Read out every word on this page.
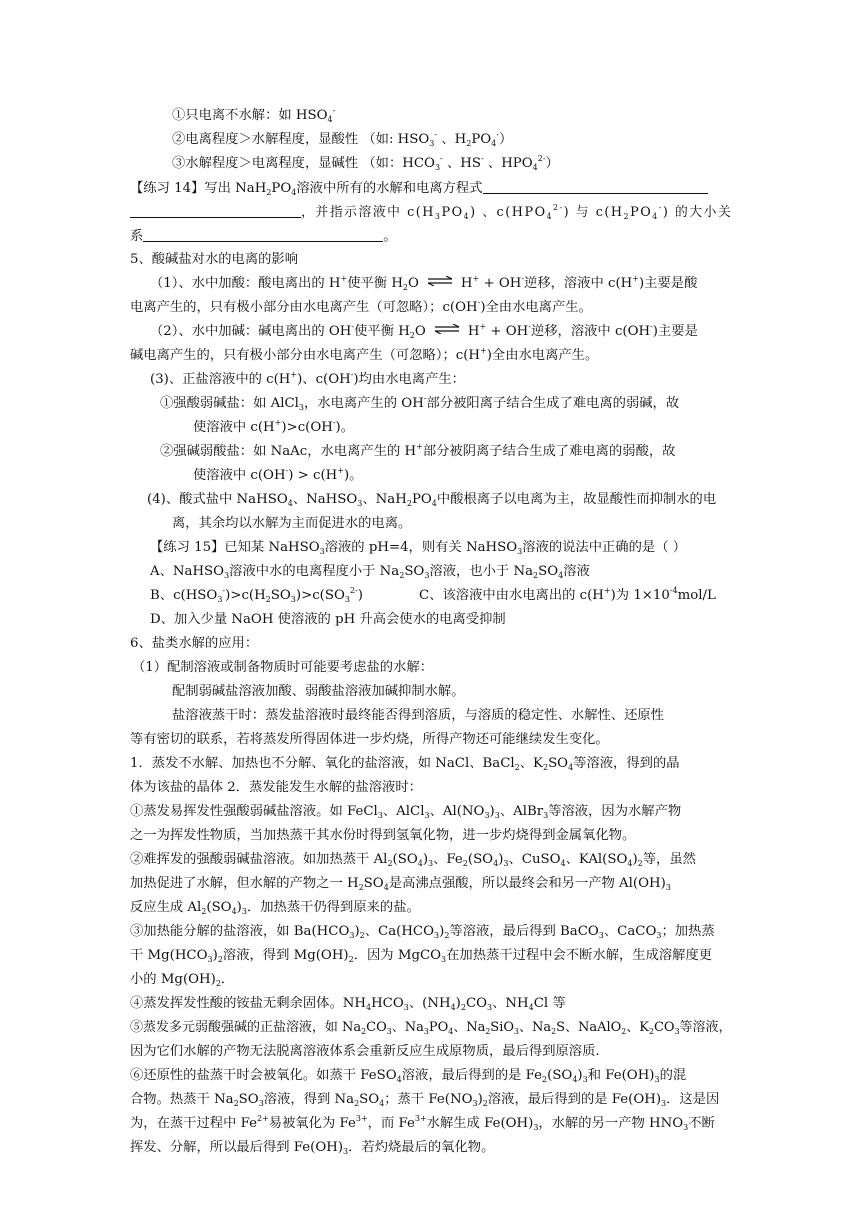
①只电离不水解：如 $HSO_4^-$
②电离程度＞水解程度，显酸性 （如: $HSO_3^-$ 、$H_2PO_4^-$）
③水解程度＞电离程度，显碱性 （如：$HCO_3^-$ 、HS- 、$HPO_4^{2-}$）
【练习 14】写出 $NaH_2PO_4$溶液中所有的水解和电离方程式
，并指示溶液中 $c(H_3PO_4)$ 、$c(HPO_4^{2-})$ 与 $c(H_2PO_4^-)$ 的大小关
系	。
5、酸碱盐对水的电离的影响
（1）、水中加酸：酸电离出的 H+使平衡 $H_2O$ ⇌ H+ + OH-逆移，溶液中 c(H+)主要是酸
电离产生的，只有极小部分由水电离产生（可忽略）；c(OH-)全由水电离产生。
（2）、水中加碱：碱电离出的 OH-使平衡 $H_2O$ ⇌ H+ + OH-逆移，溶液中 c(OH-)主要是
碱电离产生的，只有极小部分由水电离产生（可忽略）；c(H+)全由水电离产生。
(3)、正盐溶液中的 c(H+)、c(OH-)均由水电离产生：
①强酸弱碱盐：如 AlCl$_3$，水电离产生的 OH-部分被阳离子结合生成了难电离的弱碱，故
使溶液中 c(H+)>c(OH-)。
②强碱弱酸盐：如 NaAc，水电离产生的 H+部分被阴离子结合生成了难电离的弱酸，故
使溶液中 c(OH-) > c(H+)。
(4)、酸式盐中 NaHSO$_4$、NaHSO$_3$、$NaH_2PO_4$中酸根离子以电离为主，故显酸性而抑制水的电
离，其余均以水解为主而促进水的电离。
【练习 15】已知某 NaHSO$_3$溶液的 pH=4，则有关 NaHSO$_3$溶液的说法中正确的是（ ）
A、NaHSO$_3$溶液中水的电离程度小于 $Na_2SO_3$溶液，也小于 $Na_2SO_4$溶液
B、$c(HSO_3^-)>c(H_2SO_3)>c(SO_3^{2-})$	C、该溶液中由水电离出的 c(H+)为 $1\times 10^{-4}mol/L$
D、加入少量 NaOH 使溶液的 pH 升高会使水的电离受抑制
6、盐类水解的应用：
（1）配制溶液或制备物质时可能要考虑盐的水解：
配制弱碱盐溶液加酸、弱酸盐溶液加碱抑制水解。
盐溶液蒸干时：蒸发盐溶液时最终能否得到溶质，与溶质的稳定性、水解性、还原性
等有密切的联系，若将蒸发所得固体进一步灼烧，所得产物还可能继续发生变化。
1．蒸发不水解、加热也不分解、氧化的盐溶液，如 NaCl、BaCl$_2$、$K_2SO_4$等溶液，得到的晶
体为该盐的晶体 2．蒸发能发生水解的盐溶液时：
①蒸发易挥发性强酸弱碱盐溶液。如 FeCl$_3$、AlCl$_3$、$Al(NO_3)_3$、AlBr$_3$等溶液，因为水解产物
之一为挥发性物质，当加热蒸干其水份时得到氢氧化物，进一步灼烧得到金属氧化物。
②难挥发的强酸弱碱盐溶液。如加热蒸干 $Al_2(SO_4)_3$、$Fe_2(SO_4)_3$、CuSO$_4$、$KAl(SO_4)_2$等，虽然
加热促进了水解，但水解的产物之一 $H_2SO_4$是高沸点强酸，所以最终会和另一产物 $Al(OH)_3$
反应生成 $Al_2(SO_4)_3$．加热蒸干仍得到原来的盐。
③加热能分解的盐溶液，如 $Ba(HCO_3)_2$、$Ca(HCO_3)_2$等溶液，最后得到 BaCO$_3$、CaCO$_3$；加热蒸
干 $Mg(HCO_3)_2$溶液，得到 $Mg(OH)_2$．因为 MgCO$_3$在加热蒸干过程中会不断水解，生成溶解度更
小的 $Mg(OH)_2$．
④蒸发挥发性酸的铵盐无剩余固体。$NH_4HCO_3$、$(NH_4)_2CO_3$、$NH_4Cl$ 等
⑤蒸发多元弱酸强碱的正盐溶液，如 $Na_2CO_3$、$Na_3PO_4$、$Na_2SiO_3$、$Na_2S$、NaAlO$_2$、$K_2CO_3$等溶液，
因为它们水解的产物无法脱离溶液体系会重新反应生成原物质，最后得到原溶质.
⑥还原性的盐蒸干时会被氧化。如蒸干 FeSO$_4$溶液，最后得到的是 $Fe_2(SO_4)_3$和 $Fe(OH)_3$的混
合物。热蒸干 $Na_2SO_3$溶液，得到 $Na_2SO_4$；蒸干 $Fe(NO_3)_2$溶液，最后得到的是 $Fe(OH)_3$．这是因
为，在蒸干过程中 $Fe^{2+}$易被氧化为 $Fe^{3+}$，而 $Fe^{3+}$水解生成 $Fe(OH)_3$，水解的另一产物 $HNO_3$不断
挥发、分解，所以最后得到 $Fe(OH)_3$．若灼烧最后的氧化物。
